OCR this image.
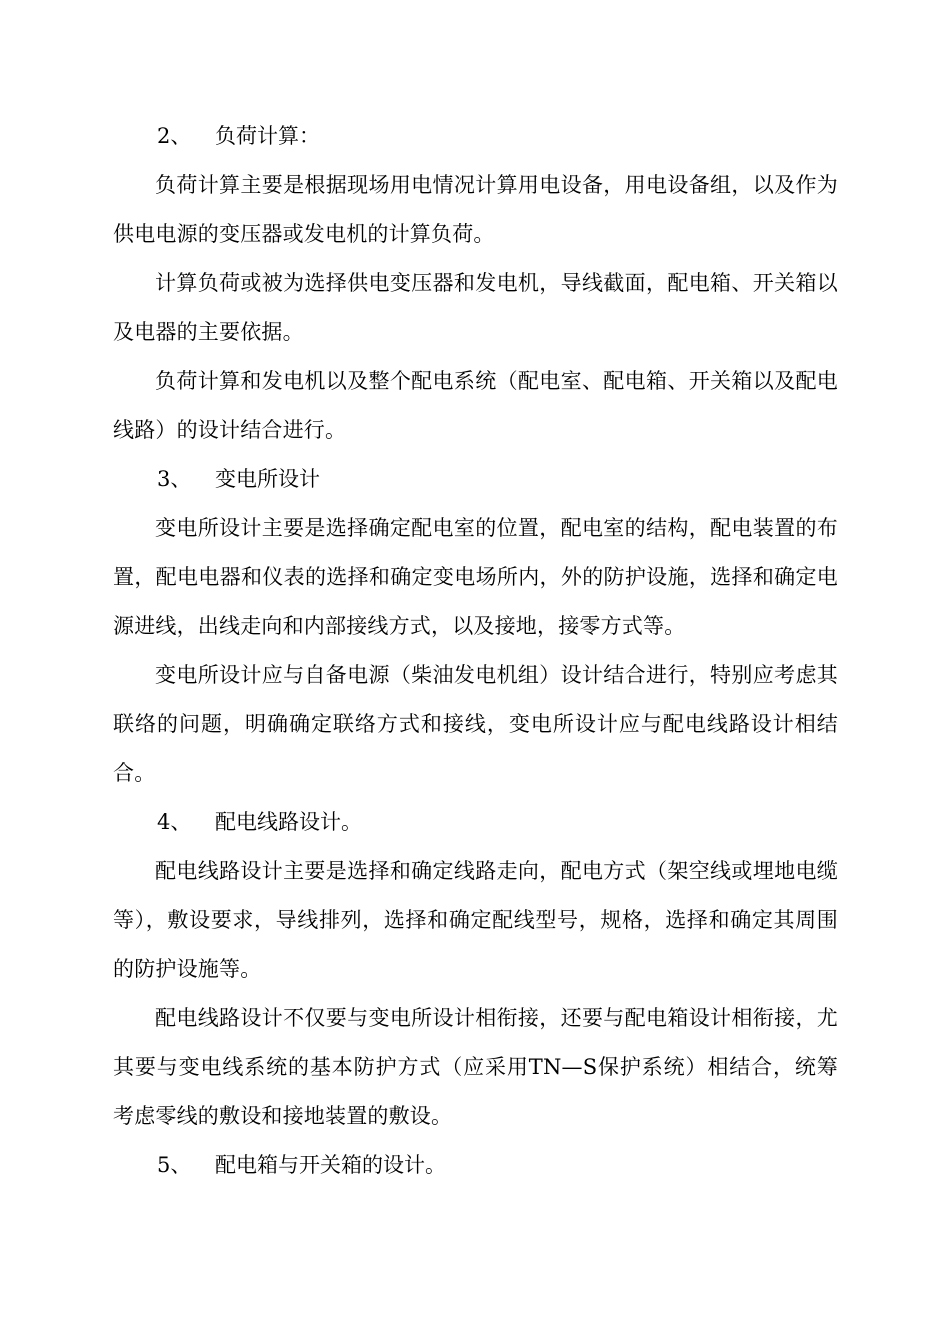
2、 负荷计算：

负荷计算主要是根据现场用电情况计算用电设备，用电设备组，以及作为供电电源的变压器或发电机的计算负荷。

计算负荷或被为选择供电变压器和发电机，导线截面，配电箱、开关箱以及电器的主要依据。

负荷计算和发电机以及整个配电系统（配电室、配电箱、开关箱以及配电线路）的设计结合进行。

3、 变电所设计

变电所设计主要是选择确定配电室的位置，配电室的结构，配电装置的布置，配电电器和仪表的选择和确定变电场所内，外的防护设施，选择和确定电源进线，出线走向和内部接线方式，以及接地，接零方式等。

变电所设计应与自备电源（柴油发电机组）设计结合进行，特别应考虑其联络的问题，明确确定联络方式和接线，变电所设计应与配电线路设计相结合。

4、 配电线路设计。

配电线路设计主要是选择和确定线路走向，配电方式（架空线或埋地电缆等），敷设要求，导线排列，选择和确定配线型号，规格，选择和确定其周围的防护设施等。

配电线路设计不仅要与变电所设计相衔接，还要与配电箱设计相衔接，尤其要与变电线系统的基本防护方式（应采用TN—S保护系统）相结合，统筹考虑零线的敷设和接地装置的敷设。

5、 配电箱与开关箱的设计。
